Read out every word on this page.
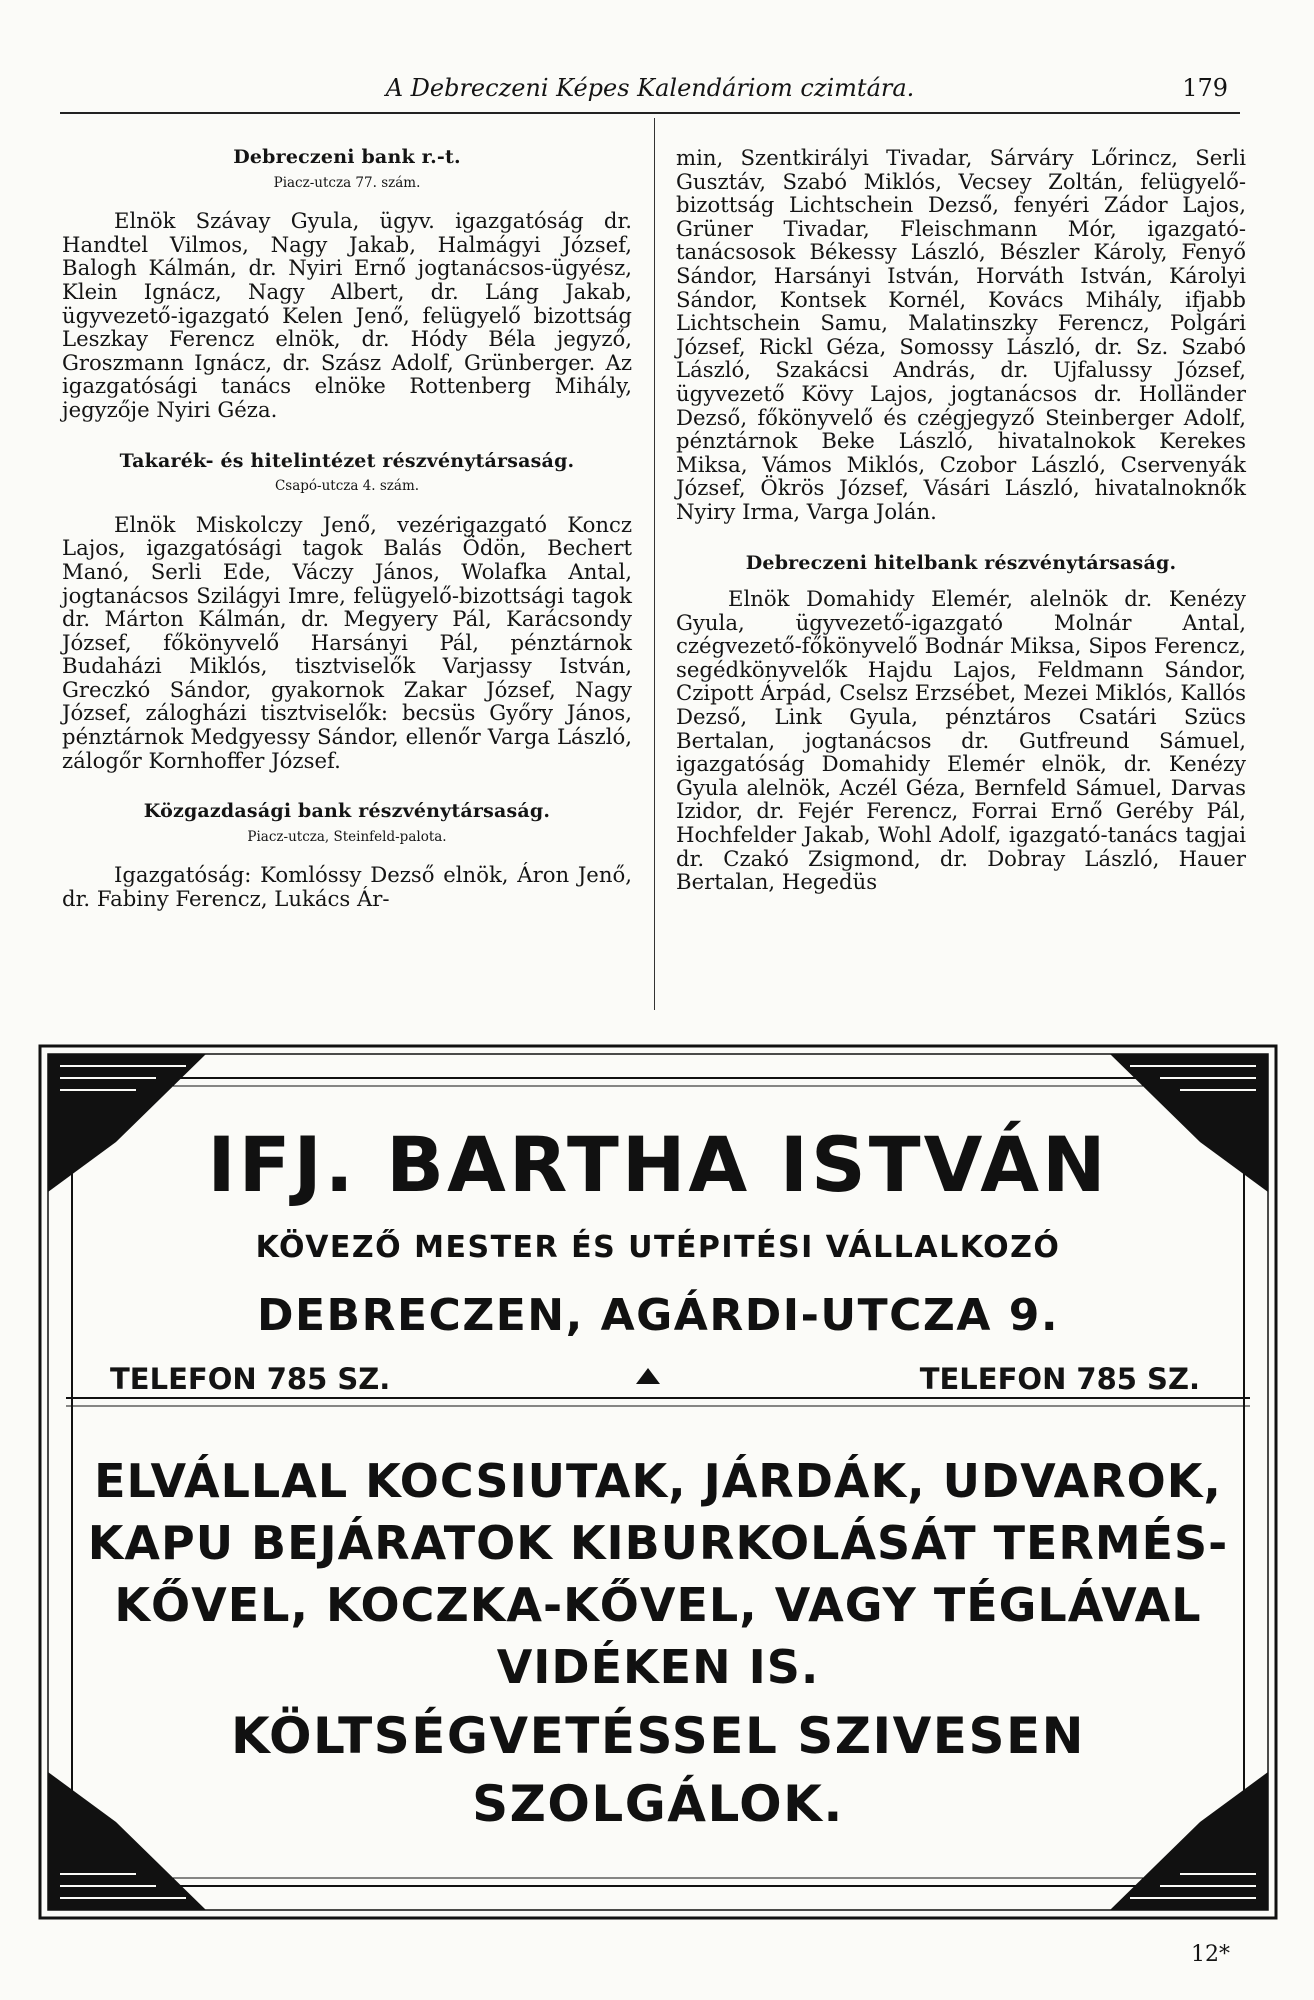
A Debreczeni Képes Kalendáriom czimtára.	179
Debreczeni bank r.-t.
Piacz-utcza 77. szám.

Elnök Szávay Gyula, ügyv. igazgatóság dr. Handtel Vilmos, Nagy Jakab, Halmágyi József, Balogh Kálmán, dr. Nyiri Ernő jogtanácsos-ügyész, Klein Ignácz, Nagy Albert, dr. Láng Jakab, ügyvezető-igazgató Kelen Jenő, felügyelő bizottság Leszkay Ferencz elnök, dr. Hódy Béla jegyző, Groszmann Ignácz, dr. Szász Adolf, Grünberger. Az igazgatósági tanács elnöke Rottenberg Mihály, jegyzője Nyiri Géza.

Takarék- és hitelintézet részvénytársaság.
Csapó-utcza 4. szám.

Elnök Miskolczy Jenő, vezérigazgató Koncz Lajos, igazgatósági tagok Balás Ödön, Bechert Manó, Serli Ede, Váczy János, Wolafka Antal, jogtanácsos Szilágyi Imre, felügyelő-bizottsági tagok dr. Márton Kálmán, dr. Megyery Pál, Karácsondy József, főkönyvelő Harsányi Pál, pénztárnok Budaházi Miklós, tisztviselők Varjassy István, Greczkó Sándor, gyakornok Zakar József, Nagy József, zálogházi tisztviselők: becsüs Győry János, pénztárnok Medgyessy Sándor, ellenőr Varga László, zálogőr Kornhoffer József.

Közgazdasági bank részvénytársaság.
Piacz-utcza, Steinfeld-palota.

Igazgatóság: Komlóssy Dezső elnök, Áron Jenő, dr. Fabiny Ferencz, Lukács Ár-

min, Szentkirályi Tivadar, Sárváry Lőrincz, Serli Gusztáv, Szabó Miklós, Vecsey Zoltán, felügyelő-bizottság Lichtschein Dezső, fenyéri Zádor Lajos, Grüner Tivadar, Fleischmann Mór, igazgató-tanácsosok Békessy László, Bészler Károly, Fenyő Sándor, Harsányi István, Horváth István, Károlyi Sándor, Kontsek Kornél, Kovács Mihály, ifjabb Lichtschein Samu, Malatinszky Ferencz, Polgári József, Rickl Géza, Somossy László, dr. Sz. Szabó László, Szakácsi András, dr. Ujfalussy József, ügyvezető Kövy Lajos, jogtanácsos dr. Holländer Dezső, főkönyvelő és czégjegyző Steinberger Adolf, pénztárnok Beke László, hivatalnokok Kerekes Miksa, Vámos Miklós, Czobor László, Cservenyák József, Ökrös József, Vásári László, hivatalnoknők Nyiry Irma, Varga Jolán.

Debreczeni hitelbank részvénytársaság.

Elnök Domahidy Elemér, alelnök dr. Kenézy Gyula, ügyvezető-igazgató Molnár Antal, czégvezető-főkönyvelő Bodnár Miksa, Sipos Ferencz, segédkönyvelők Hajdu Lajos, Feldmann Sándor, Czipott Árpád, Cselsz Erzsébet, Mezei Miklós, Kallós Dezső, Link Gyula, pénztáros Csatári Szücs Bertalan, jogtanácsos dr. Gutfreund Sámuel, igazgatóság Domahidy Elemér elnök, dr. Kenézy Gyula alelnök, Aczél Géza, Bernfeld Sámuel, Darvas Izidor, dr. Fejér Ferencz, Forrai Ernő Geréby Pál, Hochfelder Jakab, Wohl Adolf, igazgató-tanács tagjai dr. Czakó Zsigmond, dr. Dobray László, Hauer Bertalan, Hegedüs

IFJ. BARTHA ISTVÁN
KÖVEZŐ MESTER ÉS UTÉPITÉSI VÁLLALKOZÓ
DEBRECZEN, AGÁRDI-UTCZA 9.
TELEFON 785 SZ.	TELEFON 785 SZ.
ELVÁLLAL KOCSIUTAK, JÁRDÁK, UDVAROK,
KAPU BEJÁRATOK KIBURKOLÁSÁT TERMÉS-
KŐVEL, KOCZKA-KŐVEL, VAGY TÉGLÁVAL
VIDÉKEN IS.
KÖLTSÉGVETÉSSEL SZIVESEN
SZOLGÁLOK.
12*
